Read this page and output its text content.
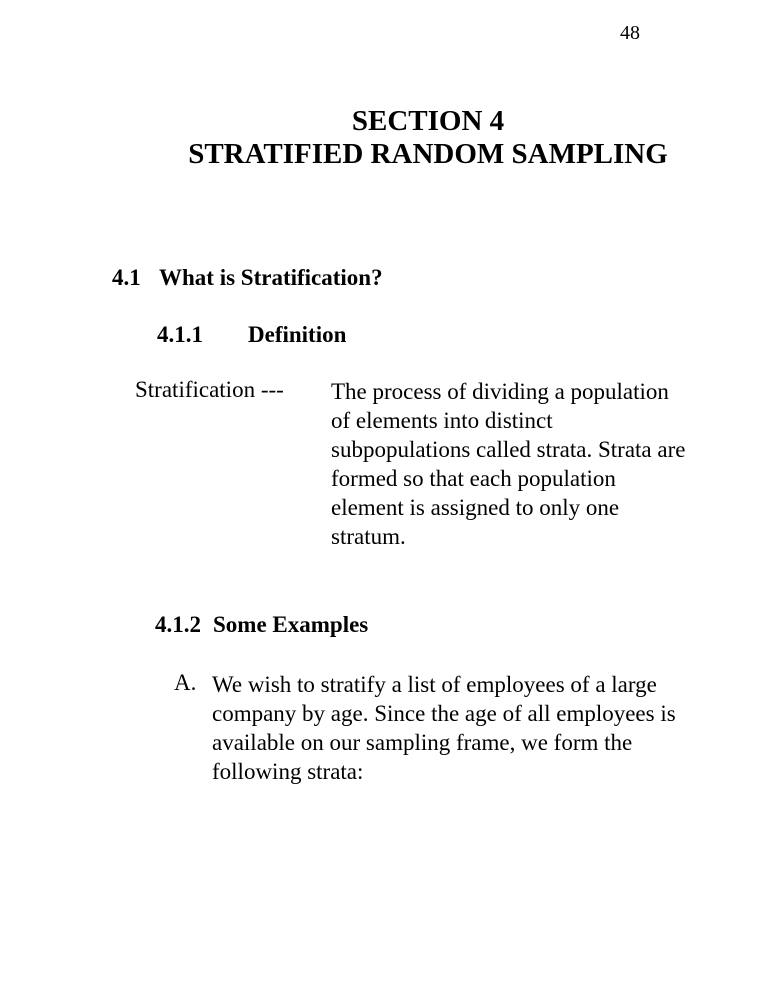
48
SECTION 4
STRATIFIED RANDOM SAMPLING
4.1 What is Stratification?
4.1.1 Definition
Stratification --- The process of dividing a population
of elements into distinct
subpopulations called strata. Strata are
formed so that each population
element is assigned to only one
stratum.
4.1.2 Some Examples
A. We wish to stratify a list of employees of a large
company by age. Since the age of all employees is
available on our sampling frame, we form the
following strata:
